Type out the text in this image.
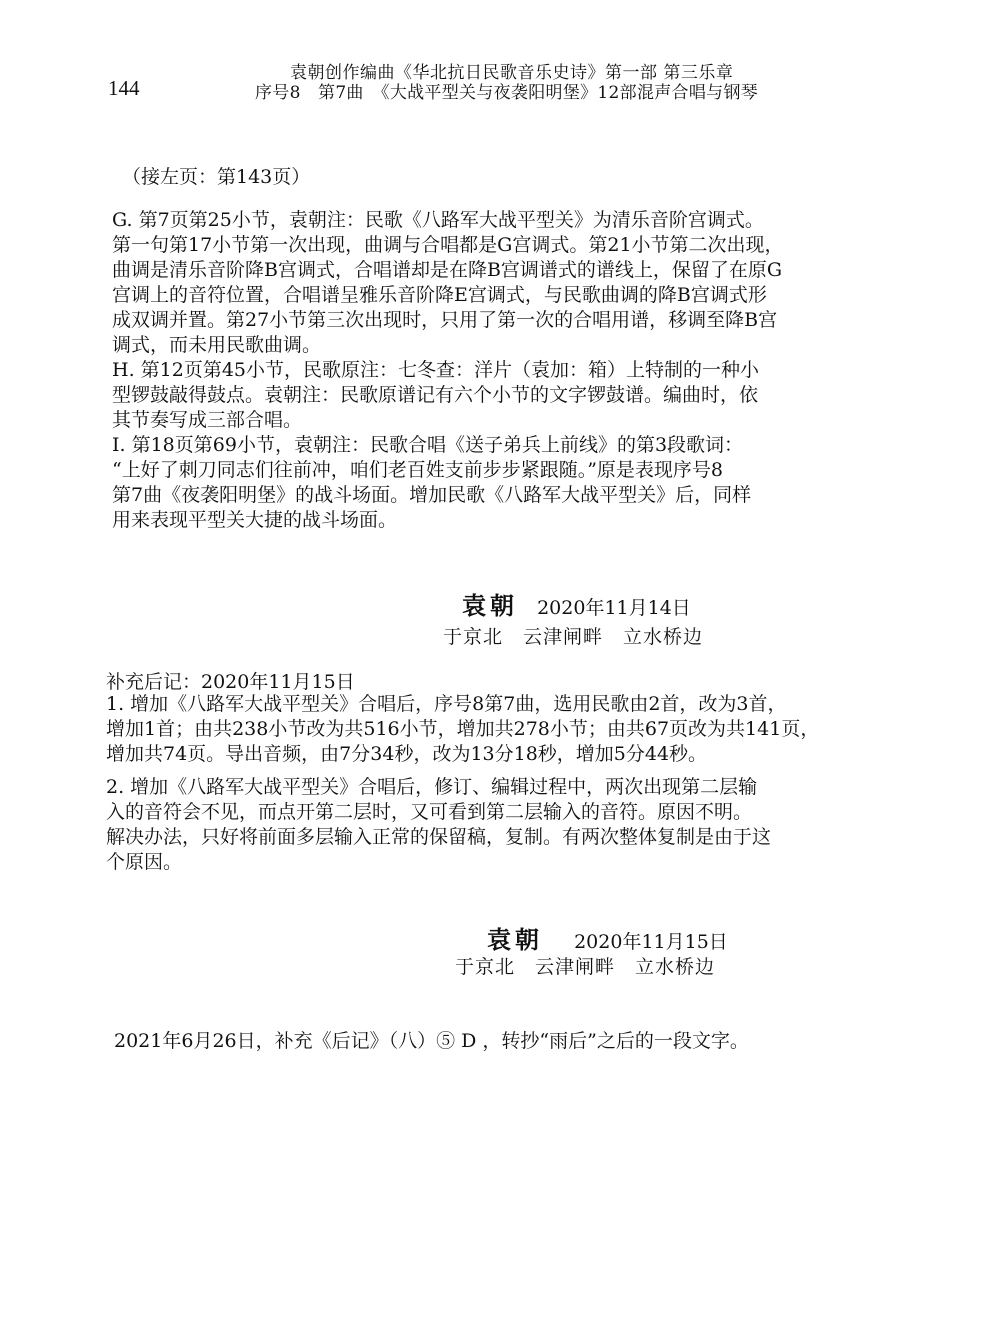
144
袁朝创作编曲《华北抗日民歌音乐史诗》第一部 第三乐章
序号8　第7曲　《大战平型关与夜袭阳明堡》12部混声合唱与钢琴
（接左页：第143页）

G. 第7页第25小节，袁朝注：民歌《八路军大战平型关》为清乐音阶宫调式。

第一句第17小节第一次出现，曲调与合唱都是G宫调式。第21小节第二次出现，

曲调是清乐音阶降B宫调式，合唱谱却是在降B宫调谱式的谱线上，保留了在原G

宫调上的音符位置，合唱谱呈雅乐音阶降E宫调式，与民歌曲调的降B宫调式形

成双调并置。第27小节第三次出现时，只用了第一次的合唱用谱，移调至降B宫

调式，而未用民歌曲调。

H. 第12页第45小节，民歌原注：七冬查：洋片（袁加：箱）上特制的一种小

型锣鼓敲得鼓点。袁朝注：民歌原谱记有六个小节的文字锣鼓谱。编曲时，依

其节奏写成三部合唱。

I. 第18页第69小节，袁朝注：民歌合唱《送子弟兵上前线》的第3段歌词：

“上好了刺刀同志们往前冲，咱们老百姓支前步步紧跟随。”原是表现序号8

第7曲《夜袭阳明堡》的战斗场面。增加民歌《八路军大战平型关》后，同样

用来表现平型关大捷的战斗场面。

袁朝 2020年11月14日
于京北　云津闸畔　立水桥边
补充后记：2020年11月15日

1. 增加《八路军大战平型关》合唱后，序号8第7曲，选用民歌由2首，改为3首，

增加1首；由共238小节改为共516小节，增加共278小节；由共67页改为共141页，

增加共74页。导出音频，由7分34秒，改为13分18秒，增加5分44秒。

2. 增加《八路军大战平型关》合唱后，修订、编辑过程中，两次出现第二层输

入的音符会不见，而点开第二层时，又可看到第二层输入的音符。原因不明。

解决办法，只好将前面多层输入正常的保留稿，复制。有两次整体复制是由于这

个原因。

袁朝 2020年11月15日
于京北　云津闸畔　立水桥边
2021年6月26日，补充《后记》（八）⑤ D ，转抄“雨后”之后的一段文字。
